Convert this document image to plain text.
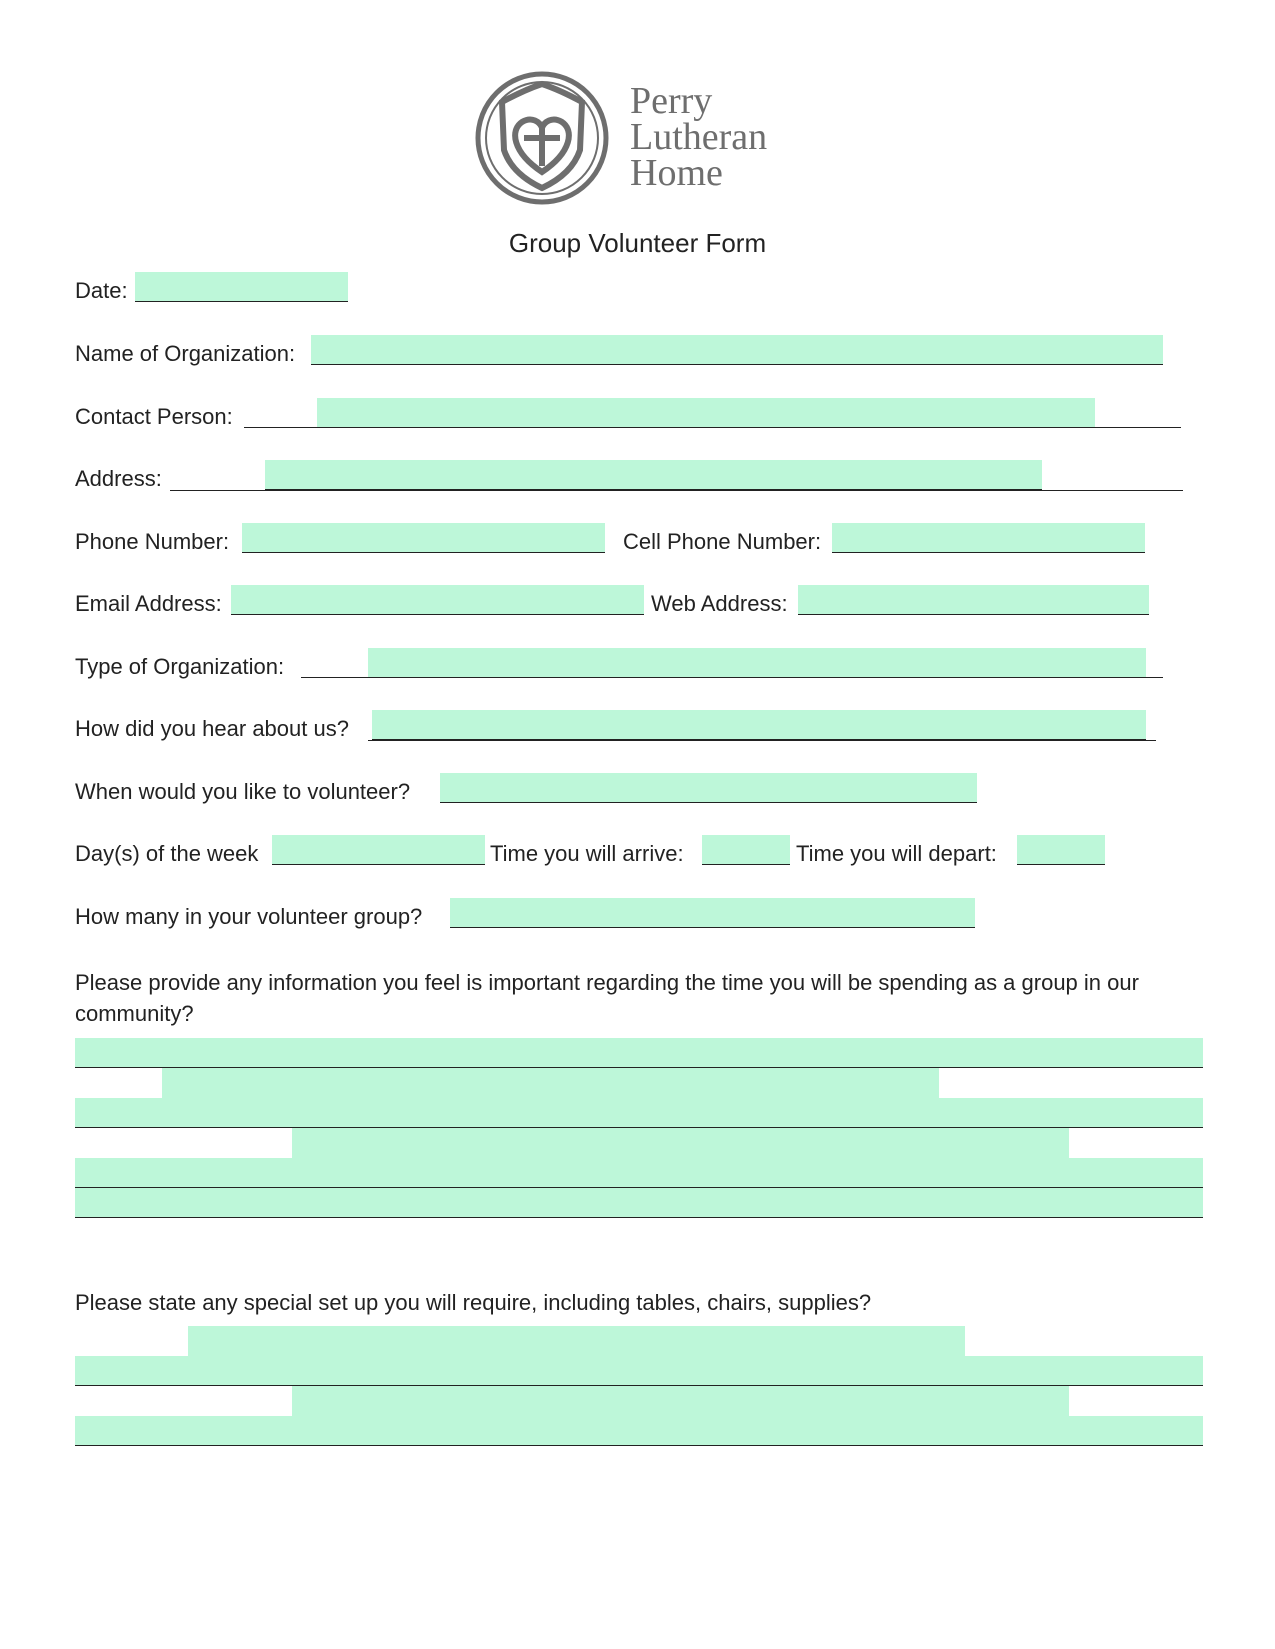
Perry
Lutheran
Home
Group Volunteer Form
Date:
Name of Organization:
Contact Person:
Address:
Phone Number:	Cell Phone Number:
Email Address:	Web Address:
Type of Organization:
How did you hear about us?
When would you like to volunteer?
Day(s) of the week	Time you will arrive:	Time you will depart:
How many in your volunteer group?
Please provide any information you feel is important regarding the time you will be spending as a group in our community?
Please state any special set up you will require, including tables, chairs, supplies?
